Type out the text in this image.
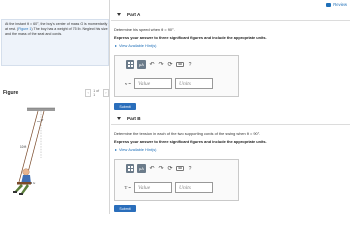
At the instant θ = 60°, the boy's center of mass G is momentarily at rest. (Figure 1) The boy has a weight of 75 lb. Neglect his size and the mass of the seat and cords.
Figure	‹	1 of 1	›
θ
10 ft
G
Review
Part A
Determine his speed when θ = 90°.
Express your answer to three significant figures and include the appropriate units.
View Available Hint(s)
μA ↶ ↷ ⟳	⌨	?
v =	Value	Units
Submit
Part B
Determine the tension in each of the two supporting cords of the swing when θ = 90°.
Express your answer to three significant figures and include the appropriate units.
View Available Hint(s)
μA ↶ ↷ ⟳	⌨	?
T =	Value	Units
Submit
